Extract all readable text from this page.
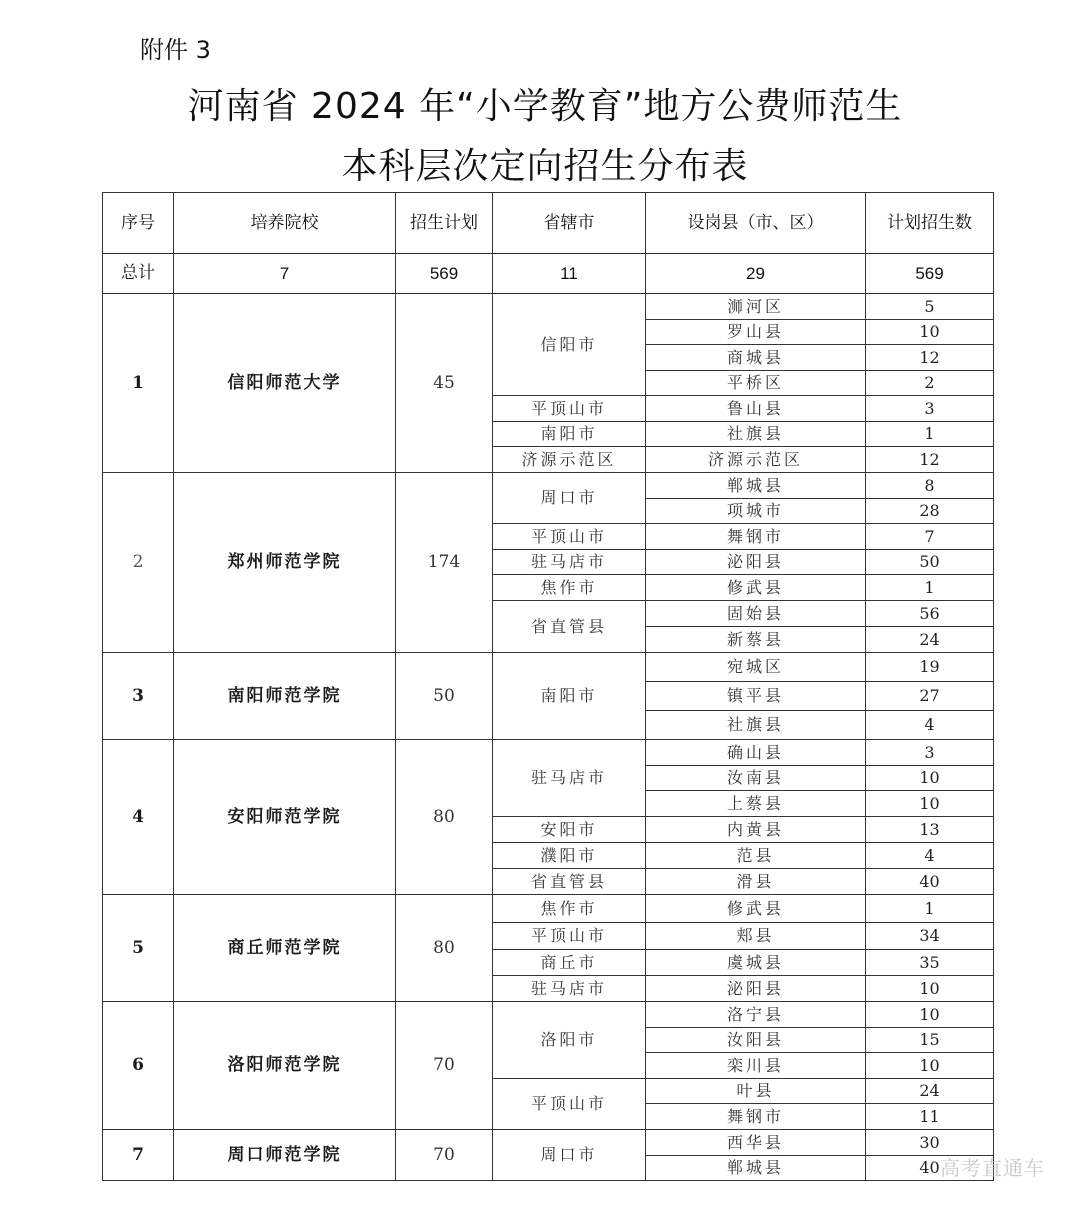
附件 3
河南省 2024 年“小学教育”地方公费师范生
本科层次定向招生分布表
序号	培养院校	招生计划	省辖市	设岗县（市、区）	计划招生数
总计	7	569	11	29	569
1	信阳师范大学	45	信阳市	浉河区	5
				罗山县	10
				商城县	12
				平桥区	2
			平顶山市	鲁山县	3
			南阳市	社旗县	1
			济源示范区	济源示范区	12
2	郑州师范学院	174	周口市	郸城县	8
				项城市	28
			平顶山市	舞钢市	7
			驻马店市	泌阳县	50
			焦作市	修武县	1
			省直管县	固始县	56
				新蔡县	24
3	南阳师范学院	50	南阳市	宛城区	19
				镇平县	27
				社旗县	4
4	安阳师范学院	80	驻马店市	确山县	3
				汝南县	10
				上蔡县	10
			安阳市	内黄县	13
			濮阳市	范县	4
			省直管县	滑县	40
5	商丘师范学院	80	焦作市	修武县	1
			平顶山市	郏县	34
			商丘市	虞城县	35
			驻马店市	泌阳县	10
6	洛阳师范学院	70	洛阳市	洛宁县	10
				汝阳县	15
				栾川县	10
			平顶山市	叶县	24
				舞钢市	11
7	周口师范学院	70	周口市	西华县	30
				郸城县	40 高考直通车
